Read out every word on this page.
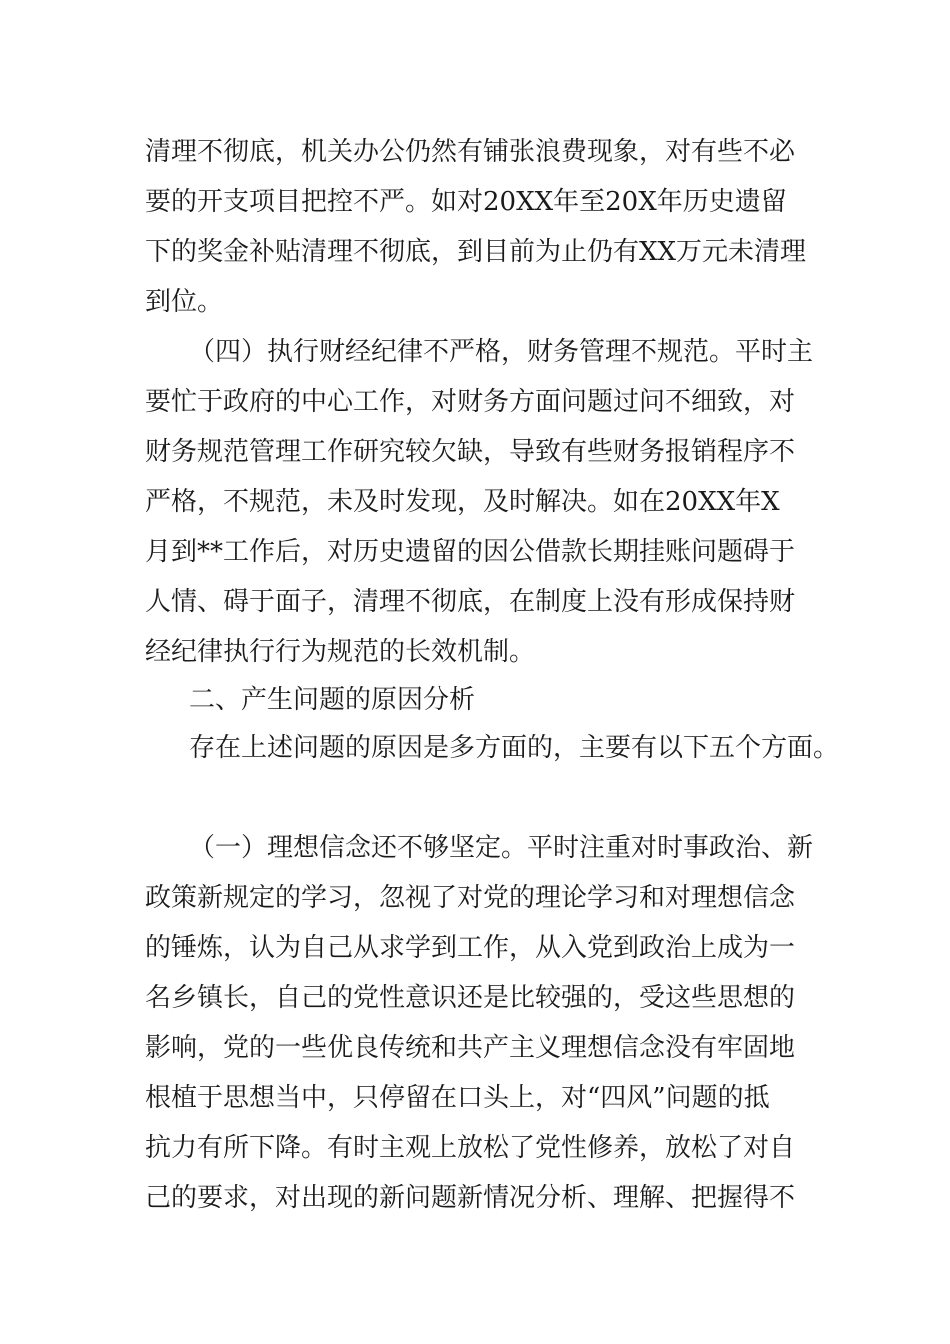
清理不彻底，机关办公仍然有铺张浪费现象，对有些不必
要的开支项目把控不严。如对20XX年至20X年历史遗留
下的奖金补贴清理不彻底，到目前为止仍有XX万元未清理
到位。
（四）执行财经纪律不严格，财务管理不规范。平时主
要忙于政府的中心工作，对财务方面问题过问不细致，对
财务规范管理工作研究较欠缺，导致有些财务报销程序不
严格，不规范，未及时发现，及时解决。如在20XX年X
月到**工作后，对历史遗留的因公借款长期挂账问题碍于
人情、碍于面子，清理不彻底，在制度上没有形成保持财
经纪律执行行为规范的长效机制。
二、产生问题的原因分析
存在上述问题的原因是多方面的，主要有以下五个方面。
（一）理想信念还不够坚定。平时注重对时事政治、新
政策新规定的学习，忽视了对党的理论学习和对理想信念
的锤炼，认为自己从求学到工作，从入党到政治上成为一
名乡镇长，自己的党性意识还是比较强的，受这些思想的
影响，党的一些优良传统和共产主义理想信念没有牢固地
根植于思想当中，只停留在口头上，对“四风”问题的抵
抗力有所下降。有时主观上放松了党性修养，放松了对自
己的要求，对出现的新问题新情况分析、理解、把握得不
